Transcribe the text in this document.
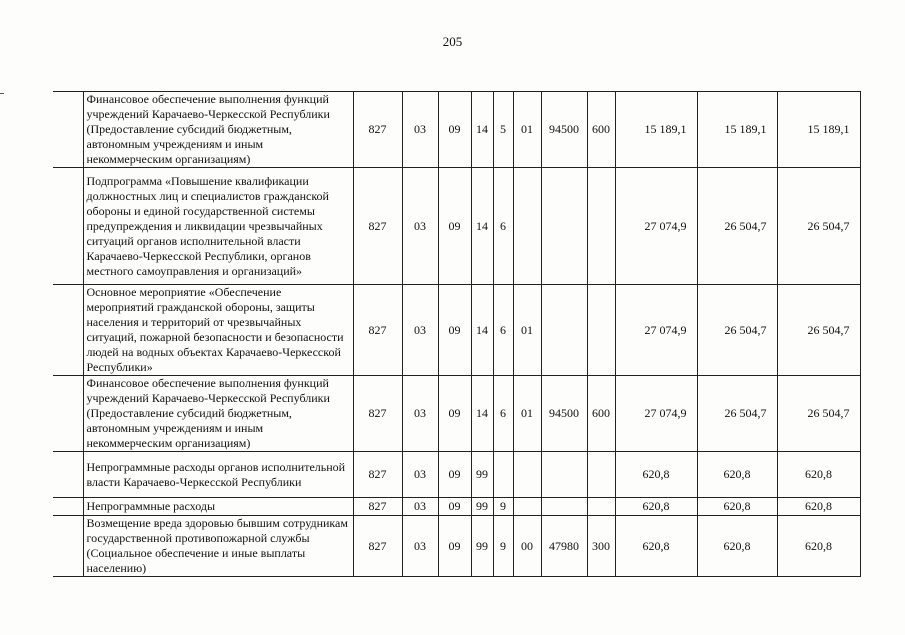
205
	Финансовое обеспечение выполнения функций учреждений Карачаево-Черкесской Республики (Предоставление субсидий бюджетным, автономным учреждениям и иным некоммерческим организациям)	827	03	09	14	5	01	94500	600	15 189,1	15 189,1	15 189,1
	Подпрограмма «Повышение квалификации должностных лиц и специалистов гражданской обороны и единой государственной системы предупреждения и ликвидации чрезвычайных ситуаций органов исполнительной власти Карачаево-Черкесской Республики, органов местного самоуправления и организаций»	827	03	09	14	6				27 074,9	26 504,7	26 504,7
	Основное мероприятие «Обеспечение мероприятий гражданской обороны, защиты населения и территорий от чрезвычайных ситуаций, пожарной безопасности и безопасности людей на водных объектах Карачаево-Черкесской Республики»	827	03	09	14	6	01			27 074,9	26 504,7	26 504,7
	Финансовое обеспечение выполнения функций учреждений Карачаево-Черкесской Республики (Предоставление субсидий бюджетным, автономным учреждениям и иным некоммерческим организациям)	827	03	09	14	6	01	94500	600	27 074,9	26 504,7	26 504,7
	Непрограммные расходы органов исполнительной власти Карачаево-Черкесской Республики	827	03	09	99					620,8	620,8	620,8
	Непрограммные расходы	827	03	09	99	9				620,8	620,8	620,8
	Возмещение вреда здоровью бывшим сотрудникам государственной противопожарной службы (Социальное обеспечение и иные выплаты населению)	827	03	09	99	9	00	47980	300	620,8	620,8	620,8
